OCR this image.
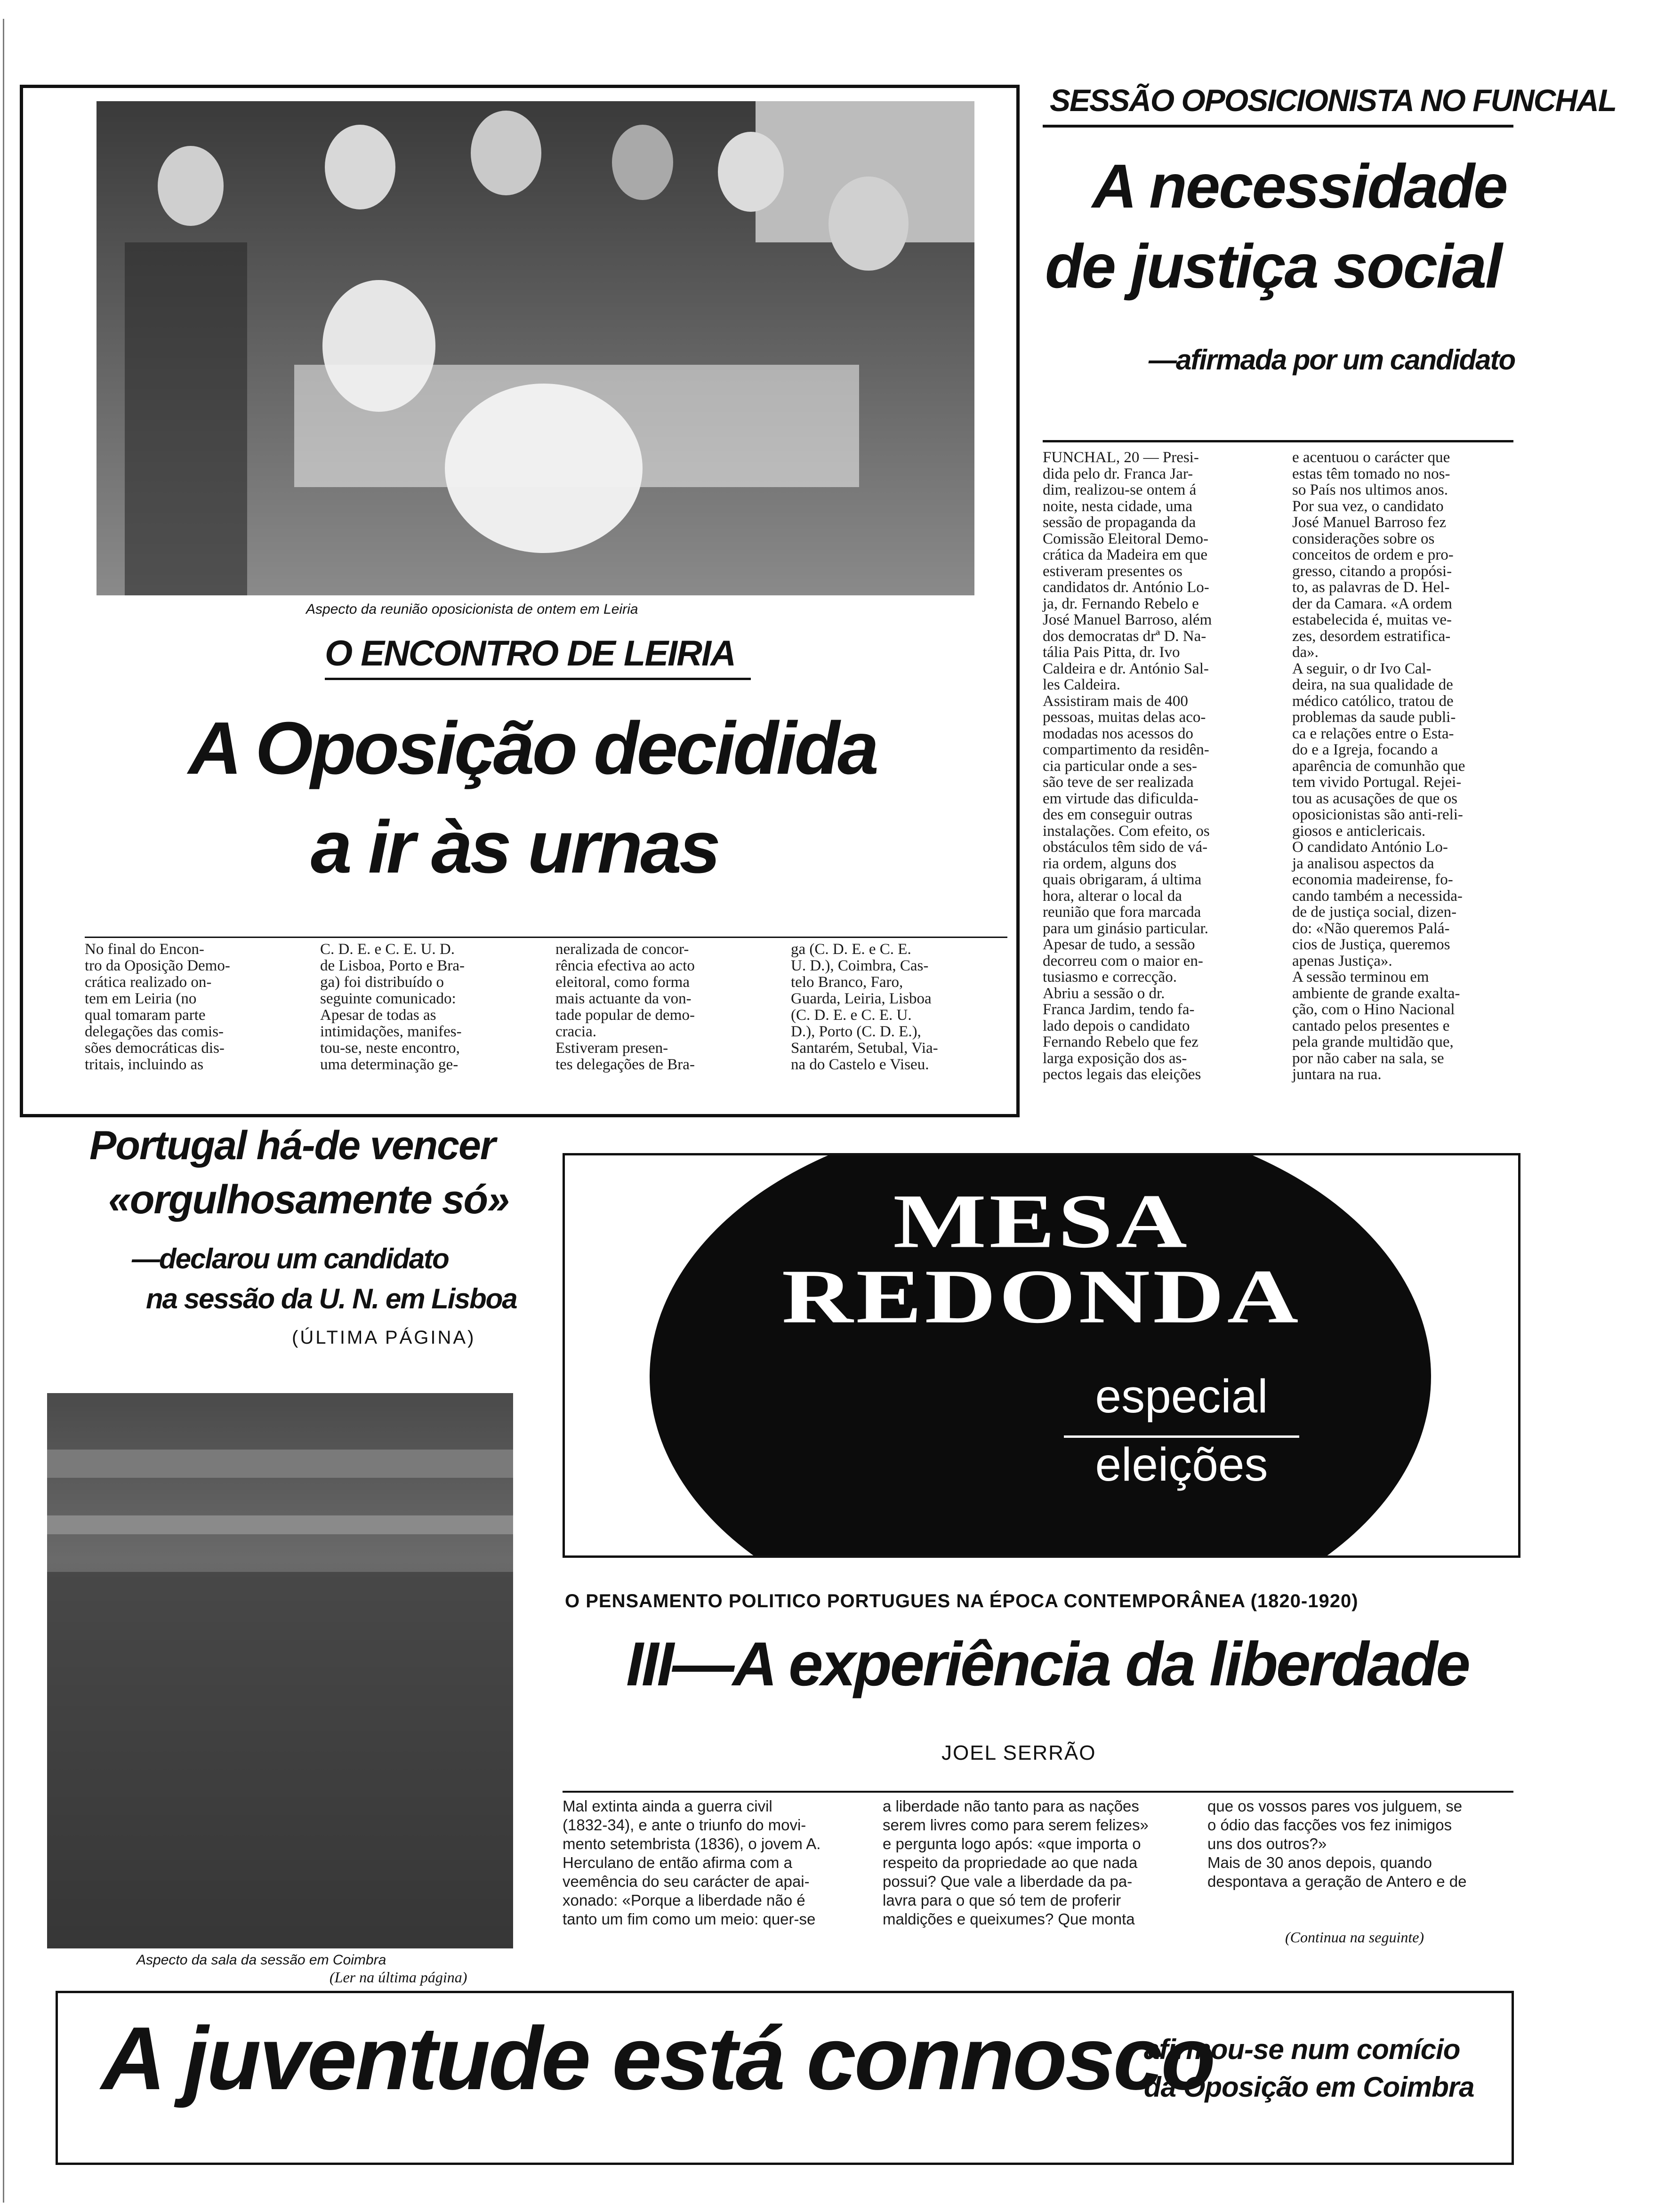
Aspecto da reunião oposicionista de ontem em Leiria
O ENCONTRO DE LEIRIA
A Oposição decidida
a ir às urnas
No final do Encon-
tro da Oposição Demo-
crática realizado on-
tem em Leiria (no
qual tomaram parte
delegações das comis-
sões democráticas dis-
tritais, incluindo as
C. D. E. e C. E. U. D.
de Lisboa, Porto e Bra-
ga) foi distribuído o
seguinte comunicado:
Apesar de todas as
intimidações, manifes-
tou-se, neste encontro,
uma determinação ge-
neralizada de concor-
rência efectiva ao acto
eleitoral, como forma
mais actuante da von-
tade popular de demo-
cracia.
Estiveram presen-
tes delegações de Bra-
ga (C. D. E. e C. E.
U. D.), Coimbra, Cas-
telo Branco, Faro,
Guarda, Leiria, Lisboa
(C. D. E. e C. E. U.
D.), Porto (C. D. E.),
Santarém, Setubal, Via-
na do Castelo e Viseu.
SESSÃO OPOSICIONISTA NO FUNCHAL
A necessidade
de justiça social
—afirmada por um candidato
FUNCHAL, 20 — Presi-
dida pelo dr. Franca Jar-
dim, realizou-se ontem á
noite, nesta cidade, uma
sessão de propaganda da
Comissão Eleitoral Demo-
crática da Madeira em que
estiveram presentes os
candidatos dr. António Lo-
ja, dr. Fernando Rebelo e
José Manuel Barroso, além
dos democratas drª D. Na-
tália Pais Pitta, dr. Ivo
Caldeira e dr. António Sal-
les Caldeira.
Assistiram mais de 400
pessoas, muitas delas aco-
modadas nos acessos do
compartimento da residên-
cia particular onde a ses-
são teve de ser realizada
em virtude das dificulda-
des em conseguir outras
instalações. Com efeito, os
obstáculos têm sido de vá-
ria ordem, alguns dos
quais obrigaram, á ultima
hora, alterar o local da
reunião que fora marcada
para um ginásio particular.
Apesar de tudo, a sessão
decorreu com o maior en-
tusiasmo e correcção.
Abriu a sessão o dr.
Franca Jardim, tendo fa-
lado depois o candidato
Fernando Rebelo que fez
larga exposição dos as-
pectos legais das eleições
e acentuou o carácter que
estas têm tomado no nos-
so País nos ultimos anos.
Por sua vez, o candidato
José Manuel Barroso fez
considerações sobre os
conceitos de ordem e pro-
gresso, citando a propósi-
to, as palavras de D. Hel-
der da Camara. «A ordem
estabelecida é, muitas ve-
zes, desordem estratifica-
da».
A seguir, o dr Ivo Cal-
deira, na sua qualidade de
médico católico, tratou de
problemas da saude publi-
ca e relações entre o Esta-
do e a Igreja, focando a
aparência de comunhão que
tem vivido Portugal. Rejei-
tou as acusações de que os
oposicionistas são anti-reli-
giosos e anticlericais.
O candidato António Lo-
ja analisou aspectos da
economia madeirense, fo-
cando também a necessida-
de de justiça social, dizen-
do: «Não queremos Palá-
cios de Justiça, queremos
apenas Justiça».
A sessão terminou em
ambiente de grande exalta-
ção, com o Hino Nacional
cantado pelos presentes e
pela grande multidão que,
por não caber na sala, se
juntara na rua.
Portugal há-de vencer
«orgulhosamente só»
—declarou um candidato
na sessão da U. N. em Lisboa
(ÚLTIMA PÁGINA)
MESA
REDONDA
especial
eleições
Aspecto da sala da sessão em Coimbra
(Ler na última página)
O PENSAMENTO POLITICO PORTUGUES NA ÉPOCA CONTEMPORÂNEA (1820-1920)
III—A experiência da liberdade
JOEL SERRÃO
Mal extinta ainda a guerra civil
(1832-34), e ante o triunfo do movi-
mento setembrista (1836), o jovem A.
Herculano de então afirma com a
veemência do seu carácter de apai-
xonado: «Porque a liberdade não é
tanto um fim como um meio: quer-se
a liberdade não tanto para as nações
serem livres como para serem felizes»
e pergunta logo após: «que importa o
respeito da propriedade ao que nada
possui? Que vale a liberdade da pa-
lavra para o que só tem de proferir
maldições e queixumes? Que monta
que os vossos pares vos julguem, se
o ódio das facções vos fez inimigos
uns dos outros?»
Mais de 30 anos depois, quando
despontava a geração de Antero e de
(Continua na seguinte)
A juventude está connosco
afirmou-se num comício
da Oposição em Coimbra
